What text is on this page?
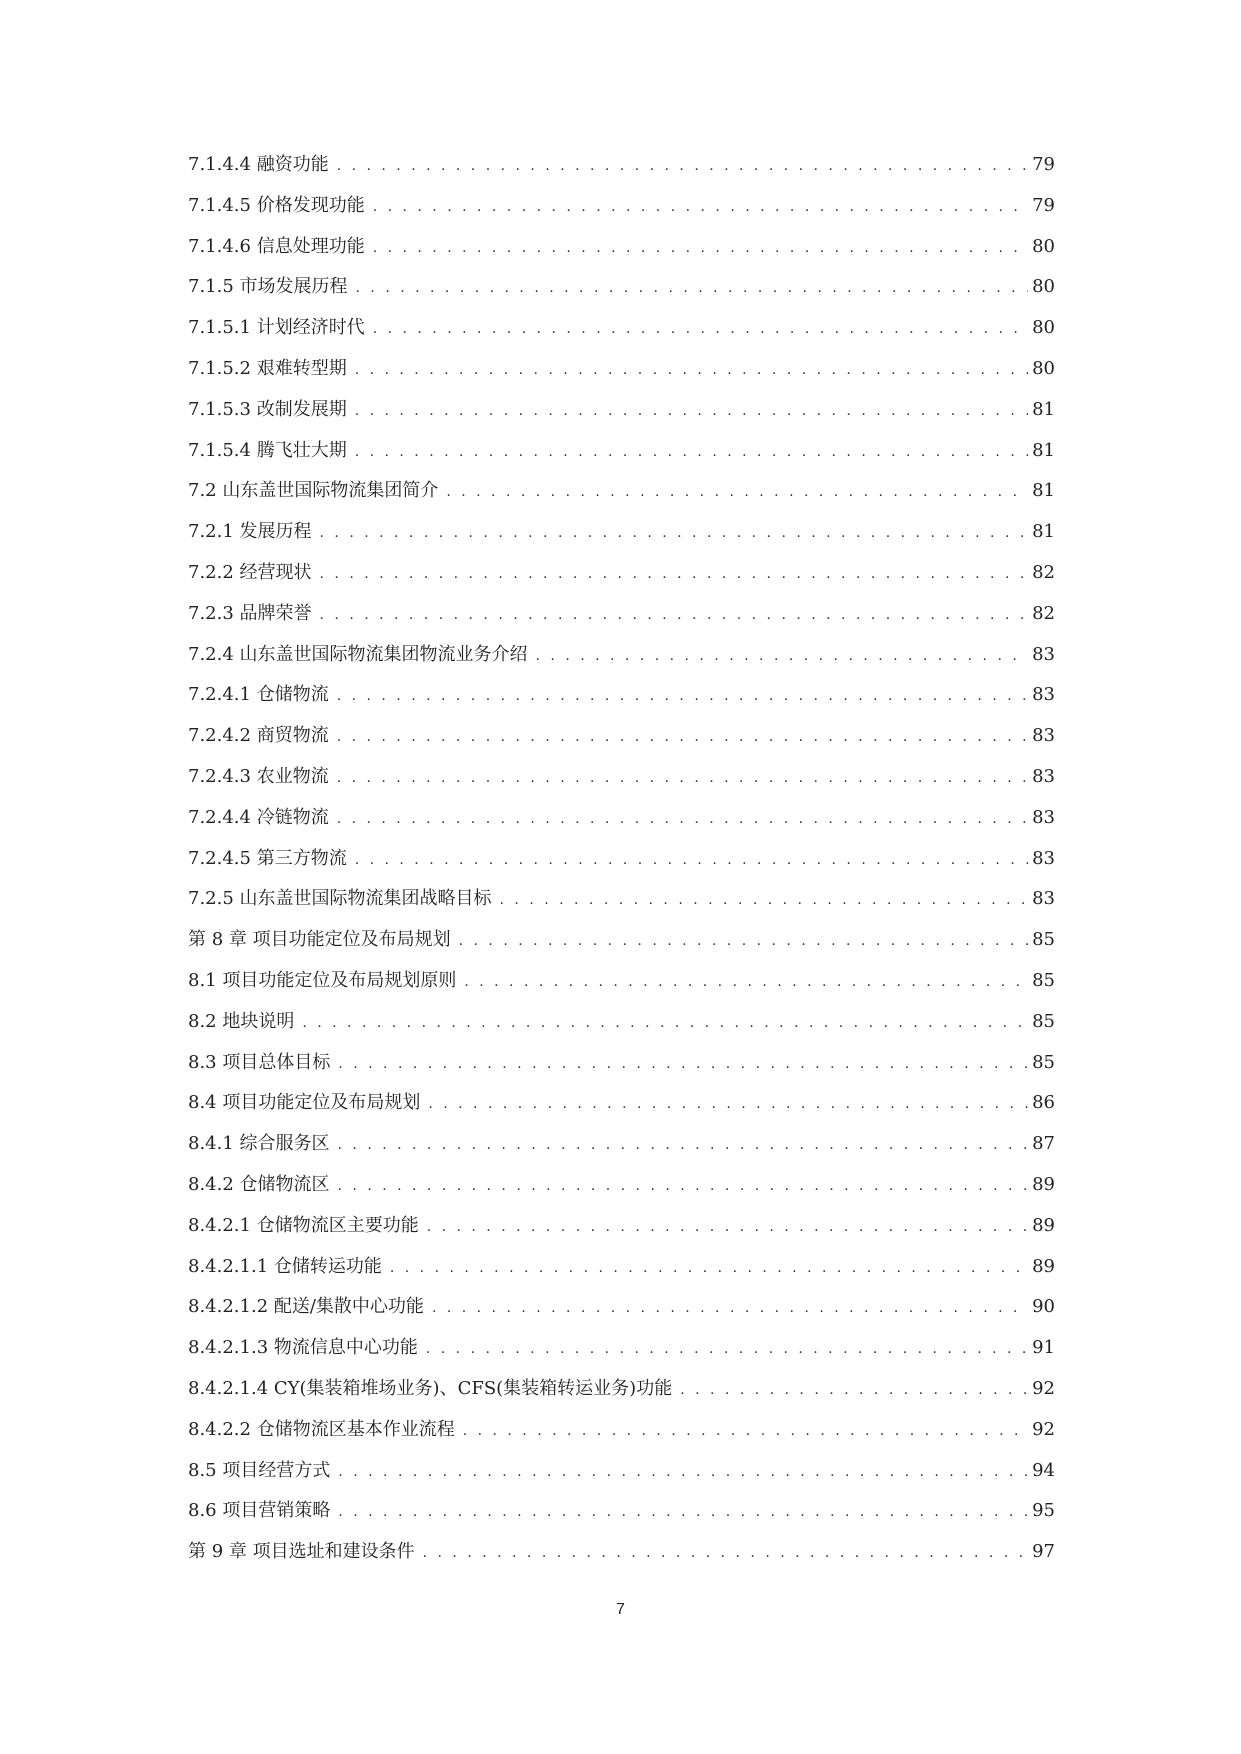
7.1.4.4 融资功能 . . .	79
7.1.4.5 价格发现功能 . . .	79
7.1.4.6 信息处理功能 . . .	80
7.1.5 市场发展历程 . . .	80
7.1.5.1 计划经济时代 . . .	80
7.1.5.2 艰难转型期 . . .	80
7.1.5.3 改制发展期 . . .	81
7.1.5.4 腾飞壮大期 . . .	81
7.2 山东盖世国际物流集团简介 . . .	81
7.2.1 发展历程 . . .	81
7.2.2 经营现状 . . .	82
7.2.3 品牌荣誉 . . .	82
7.2.4 山东盖世国际物流集团物流业务介绍 . . .	83
7.2.4.1 仓储物流 . . .	83
7.2.4.2 商贸物流 . . .	83
7.2.4.3 农业物流 . . .	83
7.2.4.4 冷链物流 . . .	83
7.2.4.5 第三方物流 . . .	83
7.2.5 山东盖世国际物流集团战略目标 . . .	83
第 8 章 项目功能定位及布局规划 . . .	85
8.1 项目功能定位及布局规划原则 . . .	85
8.2 地块说明 . . .	85
8.3 项目总体目标 . . .	85
8.4 项目功能定位及布局规划 . . .	86
8.4.1 综合服务区 . . .	87
8.4.2 仓储物流区 . . .	89
8.4.2.1 仓储物流区主要功能 . . .	89
8.4.2.1.1 仓储转运功能 . . .	89
8.4.2.1.2 配送/集散中心功能 . . .	90
8.4.2.1.3 物流信息中心功能 . . .	91
8.4.2.1.4 CY(集装箱堆场业务)、CFS(集装箱转运业务)功能 . . .	92
8.4.2.2 仓储物流区基本作业流程 . . .	92
8.5 项目经营方式 . . .	94
8.6 项目营销策略 . . .	95
第 9 章 项目选址和建设条件 . . .	97
7
